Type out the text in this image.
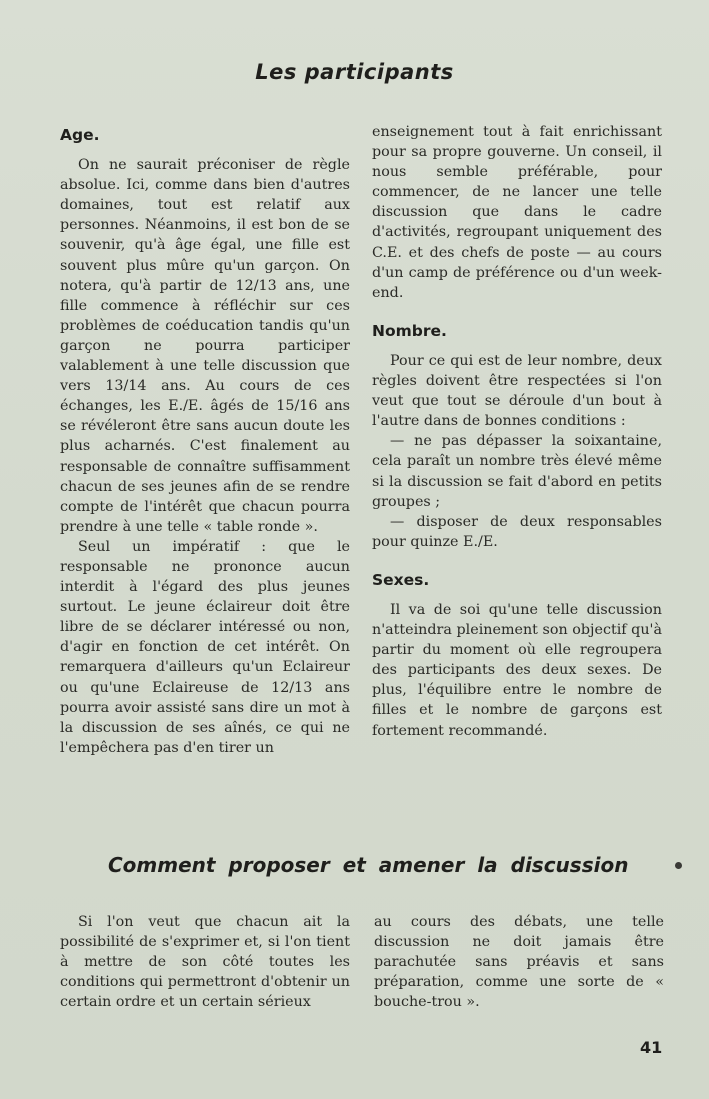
Les participants
Age.

On ne saurait préconiser de règle absolue. Ici, comme dans bien d'autres domaines, tout est relatif aux personnes. Néanmoins, il est bon de se souvenir, qu'à âge égal, une fille est souvent plus mûre qu'un garçon. On notera, qu'à partir de 12/13 ans, une fille commence à réfléchir sur ces problèmes de coéducation tandis qu'un garçon ne pourra participer valablement à une telle discussion que vers 13/14 ans. Au cours de ces échanges, les E./E. âgés de 15/16 ans se révéleront être sans aucun doute les plus acharnés. C'est finalement au responsable de connaître suffisamment chacun de ses jeunes afin de se rendre compte de l'intérêt que chacun pourra prendre à une telle « table ronde ».

Seul un impératif : que le responsable ne prononce aucun interdit à l'égard des plus jeunes surtout. Le jeune éclaireur doit être libre de se déclarer intéressé ou non, d'agir en fonction de cet intérêt. On remarquera d'ailleurs qu'un Eclaireur ou qu'une Eclaireuse de 12/13 ans pourra avoir assisté sans dire un mot à la discussion de ses aînés, ce qui ne l'empêchera pas d'en tirer un

enseignement tout à fait enrichissant pour sa propre gouverne. Un conseil, il nous semble préférable, pour commencer, de ne lancer une telle discussion que dans le cadre d'activités, regroupant uniquement des C.E. et des chefs de poste — au cours d'un camp de préférence ou d'un week-end.

Nombre.

Pour ce qui est de leur nombre, deux règles doivent être respectées si l'on veut que tout se déroule d'un bout à l'autre dans de bonnes conditions :

— ne pas dépasser la soixantaine, cela paraît un nombre très élevé même si la discussion se fait d'abord en petits groupes ;

— disposer de deux responsables pour quinze E./E.

Sexes.

Il va de soi qu'une telle discussion n'atteindra pleinement son objectif qu'à partir du moment où elle regroupera des participants des deux sexes. De plus, l'équilibre entre le nombre de filles et le nombre de garçons est fortement recommandé.

Comment proposer et amener la discussion

Si l'on veut que chacun ait la possibilité de s'exprimer et, si l'on tient à mettre de son côté toutes les conditions qui permettront d'obtenir un certain ordre et un certain sérieux

au cours des débats, une telle discussion ne doit jamais être parachutée sans préavis et sans préparation, comme une sorte de « bouche-trou ».

41
